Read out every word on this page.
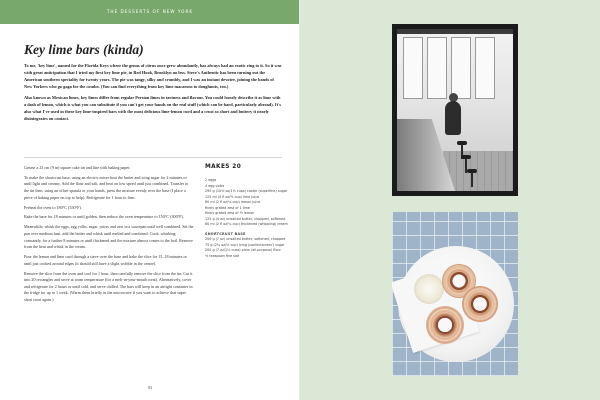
THE DESSERTS OF NEW YORK
Key lime bars (kinda)

To me, 'key lime', named for the Florida Keys where the genus of citrus once grew abundantly, has always had an exotic ring to it. So it was with great anticipation that I tried my first key lime pie, in Red Hook, Brooklyn no less. Steve's Authentic has been turning out the American southern speciality for twenty years. The pie was tangy, silky and crumbly, and I was an instant devotee, joining the bands of New Yorkers who go gaga for the combo. (You can find everything from key lime macarons to doughnuts, too.)

Also known as Mexican limes, key limes differ from regular Persian limes in tartness and flavour. You could loosely describe it as lime with a dash of lemon, which is what you can substitute if you can't get your hands on the real stuff (which can be hard, particularly abroad). It's also what I've used in these key lime-inspired bars with the most delicious lime-lemon curd and a crust so short and buttery it nearly disintegrates on contact.

Grease a 23 cm (9 in) square cake tin and line with baking paper.

To make the shortcrust base, using an electric mixer beat the butter and icing sugar for 2 minutes or until light and creamy. Add the flour and salt, and beat on low speed until just combined. Transfer to the tin then, using an offset spatula or your hands, press the mixture evenly over the base (I place a piece of baking paper on top to help). Refrigerate for 1 hour to firm.

Preheat the oven to 180°C (350°F).

Bake the base for 18 minutes or until golden, then reduce the oven temperature to 150°C (300°F).

Meanwhile, whisk the eggs, egg yolks, sugar, juices and zest in a saucepan until well combined. Set the pan over medium heat, add the butter and whisk until melted and combined. Cook, whisking constantly, for a further 8 minutes or until thickened and the mixture almost comes to the boil. Remove from the heat and whisk in the cream.

Pour the lemon and lime curd through a sieve over the base and bake the slice for 15–18 minutes or until just cooked around edges (it should still have a slight wobble in the centre).

Remove the slice from the oven and cool for 1 hour, then carefully remove the slice from the tin. Cut it into 20 rectangles and serve at room temperature (for a melt-in-your-mouth treat). Alternatively, cover and refrigerate for 2 hours or until cold, and serve chilled. The bars will keep in an airtight container in the fridge for up to 1 week. (Warm them briefly in the microwave if you want to achieve that super short crust again.)

MAKES 20
2 eggs
4 egg yolks
295 g (10½ oz/1⅓ cups) caster (superfine) sugar
125 ml (4 fl oz/½ cup) lime juice
60 ml (2 fl oz/¼ cup) lemon juice
finely grated zest of 1 lime
finely grated zest of ½ lemon
125 g (4 oz) unsalted butter, chopped, softened
60 ml (2 fl oz/¼ cup) thickened (whipping) cream
SHORTCRUST BASE
200 g (7 oz) unsalted butter, softened, chopped
75 g (2¾ oz/⅔ cup) icing (confectioners') sugar
200 g (7 oz/1⅓ cups) plain (all-purpose) flour
½ teaspoon fine salt
93
